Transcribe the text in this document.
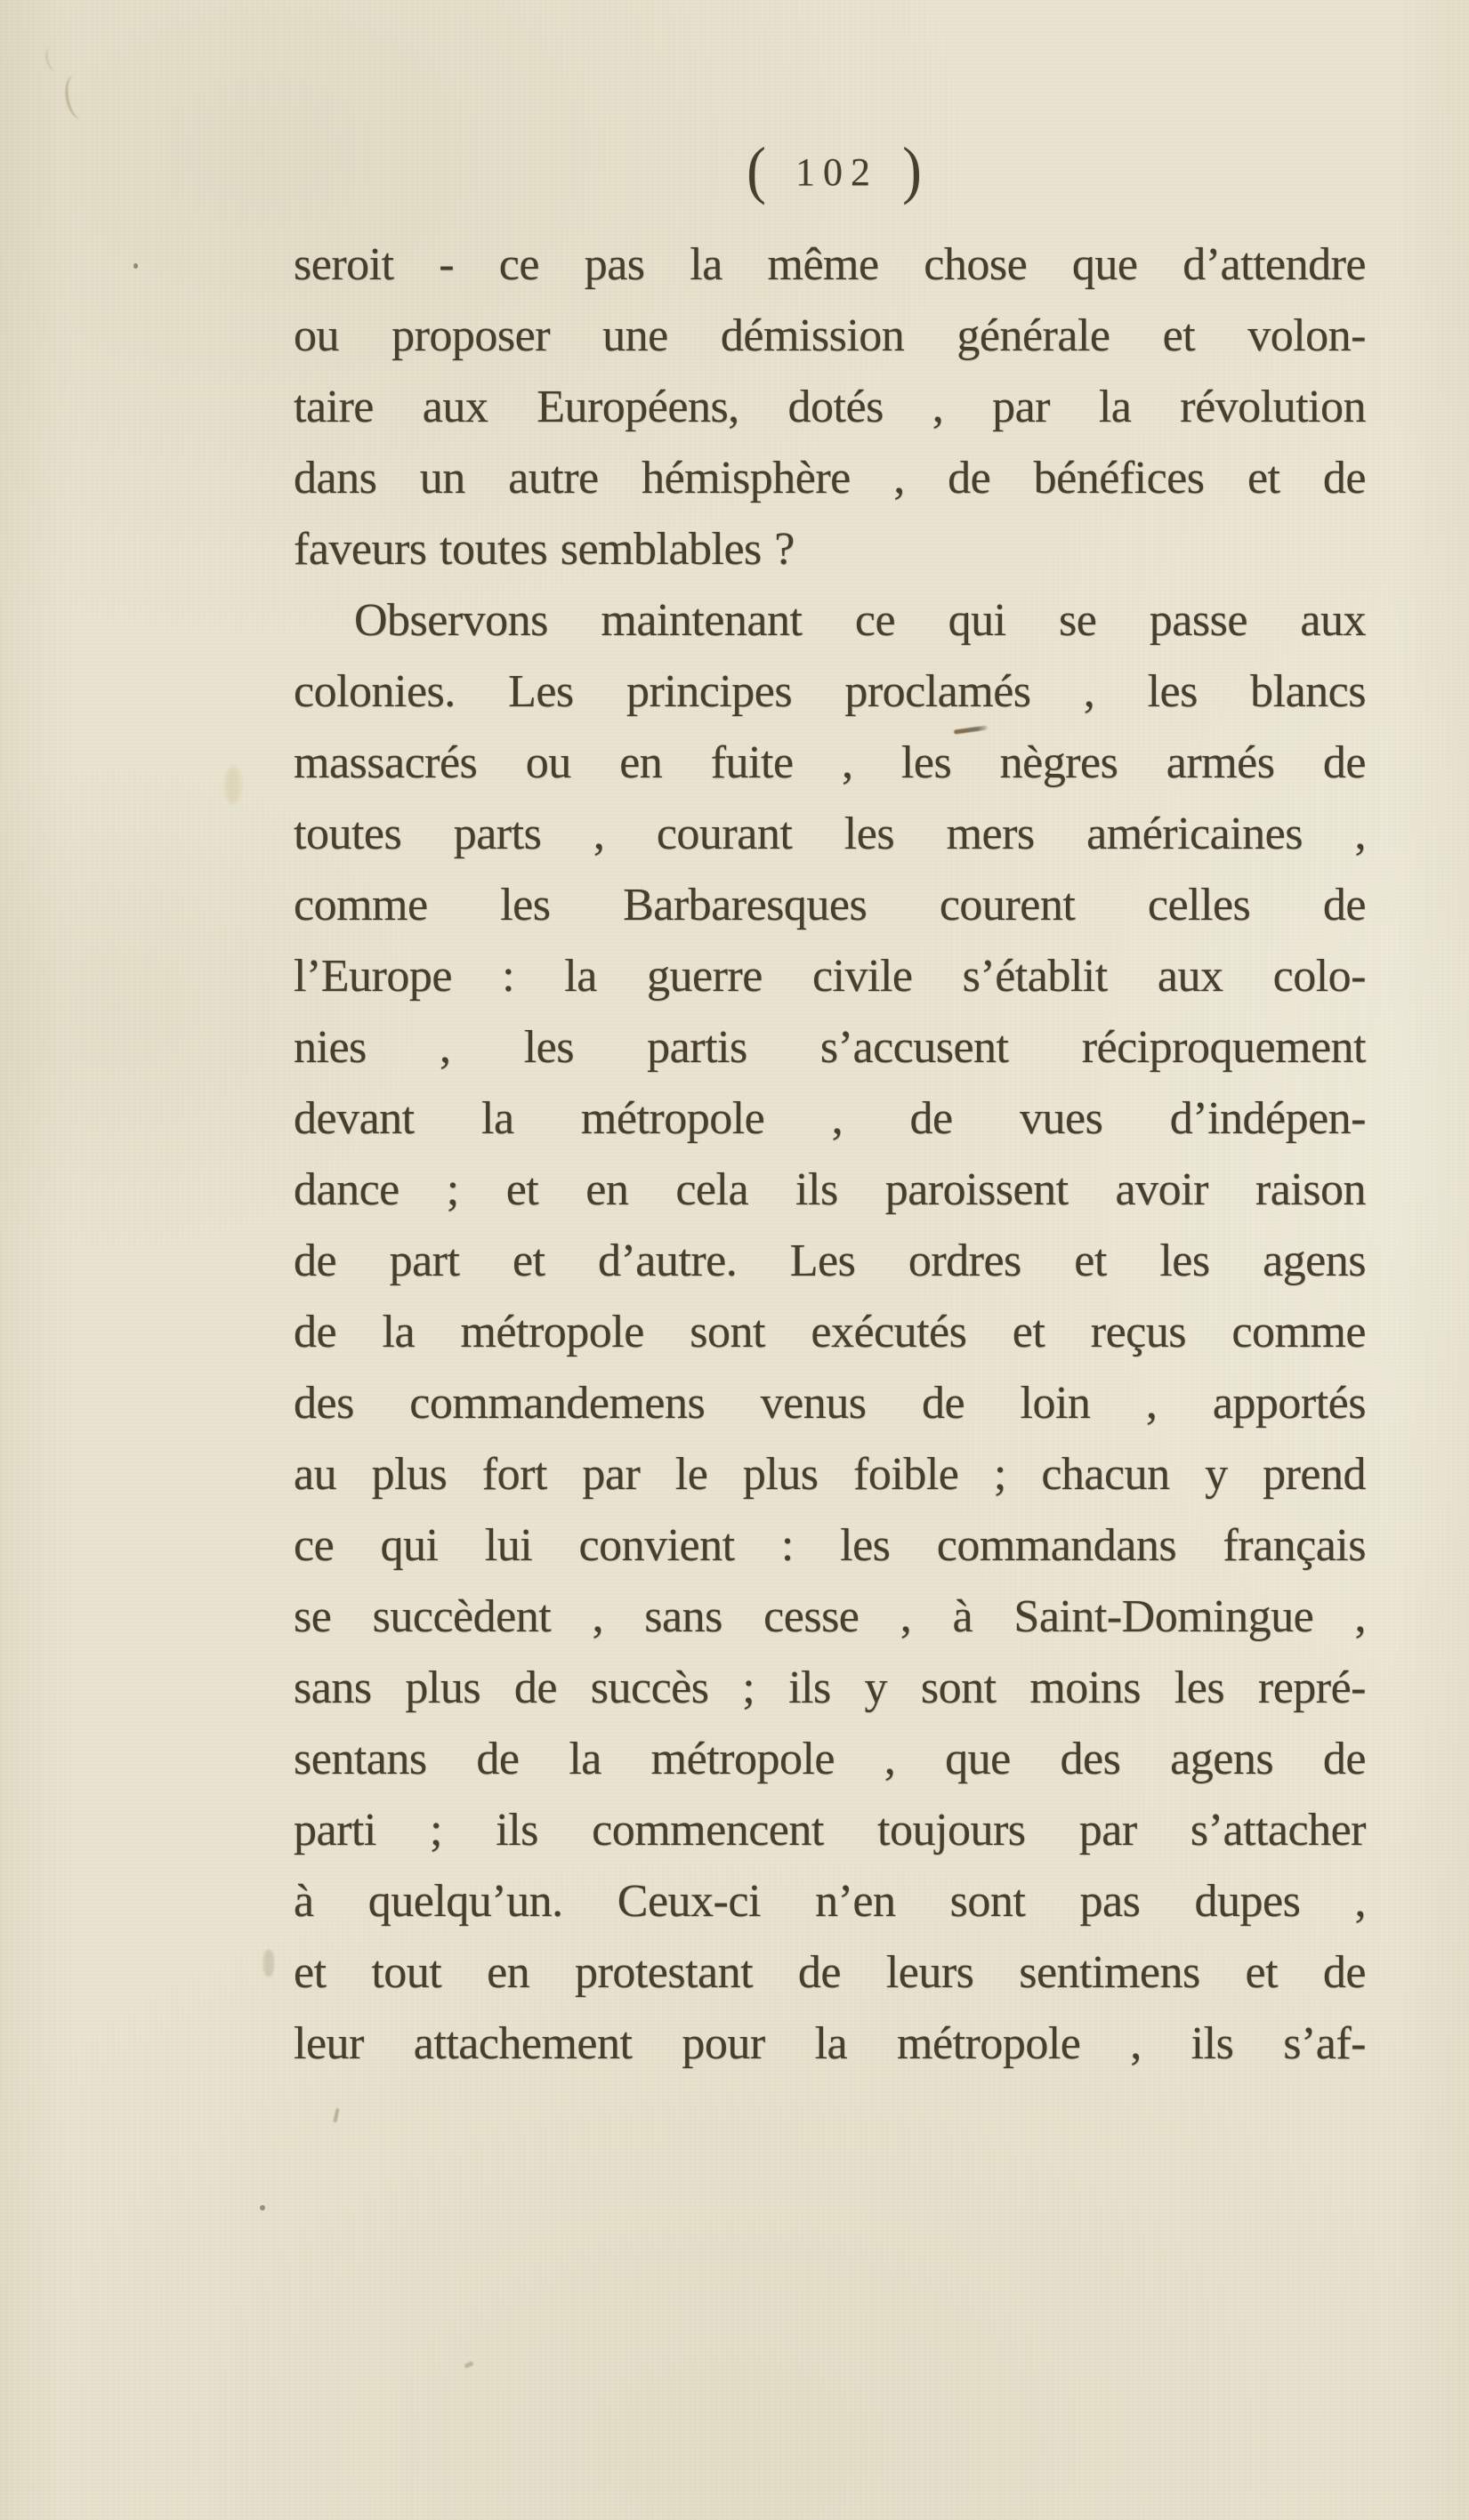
( 102 )
seroit - ce pas la même chose que d’attendre
ou proposer une démission générale et volon-
taire aux Européens, dotés , par la révolution
dans un autre hémisphère , de bénéfices et de
faveurs toutes semblables ?
Observons maintenant ce qui se passe aux
colonies. Les principes proclamés , les blancs
massacrés ou en fuite , les nègres armés de
toutes parts , courant les mers américaines ,
comme les Barbaresques courent celles de
l’Europe : la guerre civile s’établit aux colo-
nies , les partis s’accusent réciproquement
devant la métropole , de vues d’indépen-
dance ; et en cela ils paroissent avoir raison
de part et d’autre. Les ordres et les agens
de la métropole sont exécutés et reçus comme
des commandemens venus de loin , apportés
au plus fort par le plus foible ; chacun y prend
ce qui lui convient : les commandans français
se succèdent , sans cesse , à Saint-Domingue ,
sans plus de succès ; ils y sont moins les repré-
sentans de la métropole , que des agens de
parti ; ils commencent toujours par s’attacher
à quelqu’un. Ceux-ci n’en sont pas dupes ,
et tout en protestant de leurs sentimens et de
leur attachement pour la métropole , ils s’af-
